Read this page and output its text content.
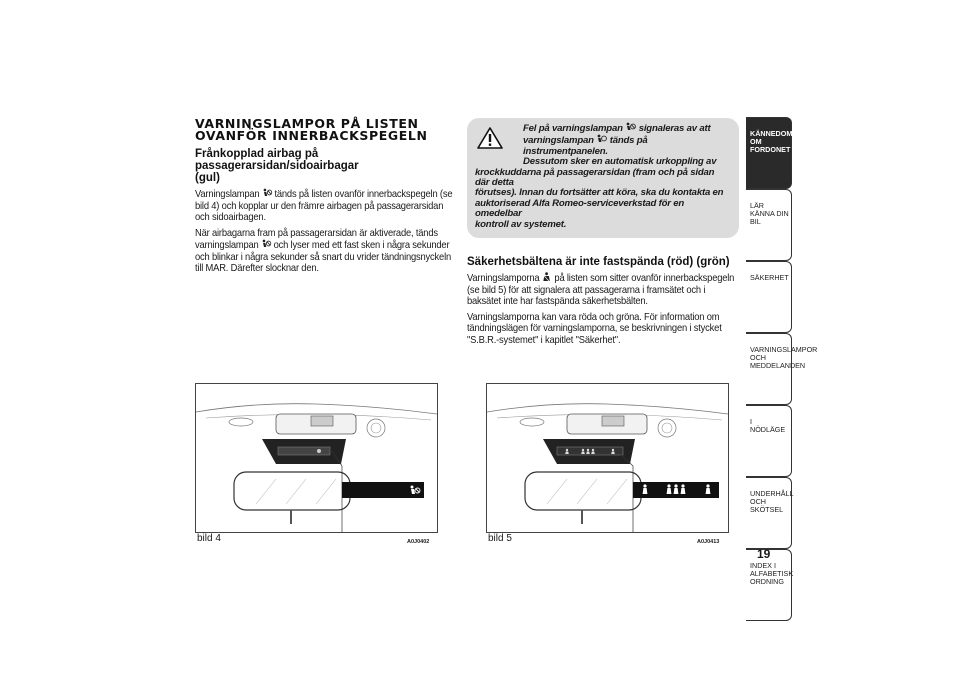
VARNINGSLAMPOR PÅ LISTEN
OVANFÖR INNERBACKSPEGELN
Frånkopplad airbag på passagerarsidan/sidoairbagar
(gul)

Varningslampan tänds på listen ovanför innerbackspegeln (se bild 4) och kopplar ur den främre airbagen på passagerarsidan och sidoairbagen.

När airbagarna fram på passagerarsidan är aktiverade, tänds varningslampan och lyser med ett fast sken i några sekunder och blinkar i några sekunder så snart du vrider tändningsnyckeln till MAR. Därefter slocknar den.

Fel på varningslampan signaleras av att

varningslampan tänds på instrumentpanelen.

Dessutom sker en automatisk urkoppling av

krockkuddarna på passagerarsidan (fram och på sidan där detta

förutses). Innan du fortsätter att köra, ska du kontakta en

auktoriserad Alfa Romeo-serviceverkstad för en omedelbar

kontroll av systemet.

Säkerhetsbältena är inte fastspända (röd) (grön)

Varningslamporna på listen som sitter ovanför innerbackspegeln (se bild 5) för att signalera att passagerarna i framsätet och i baksätet inte har fastspända säkerhetsbälten.

Varningslamporna kan vara röda och gröna. För information om tändningslägen för varningslamporna, se beskrivningen i stycket "S.B.R.-systemet" i kapitlet "Säkerhet".

KÄNNEDOM OM
FORDONET
LÄR KÄNNA DIN BIL

SÄKERHET

VARNINGSLAMPOR
OCH MEDDELANDEN
I NÖDLÄGE

UNDERHÅLL OCH
SKÖTSEL
INDEX I ALFABETISK
ORDNING
19
bild 4	A0J0402	bild 5	A0J0413
